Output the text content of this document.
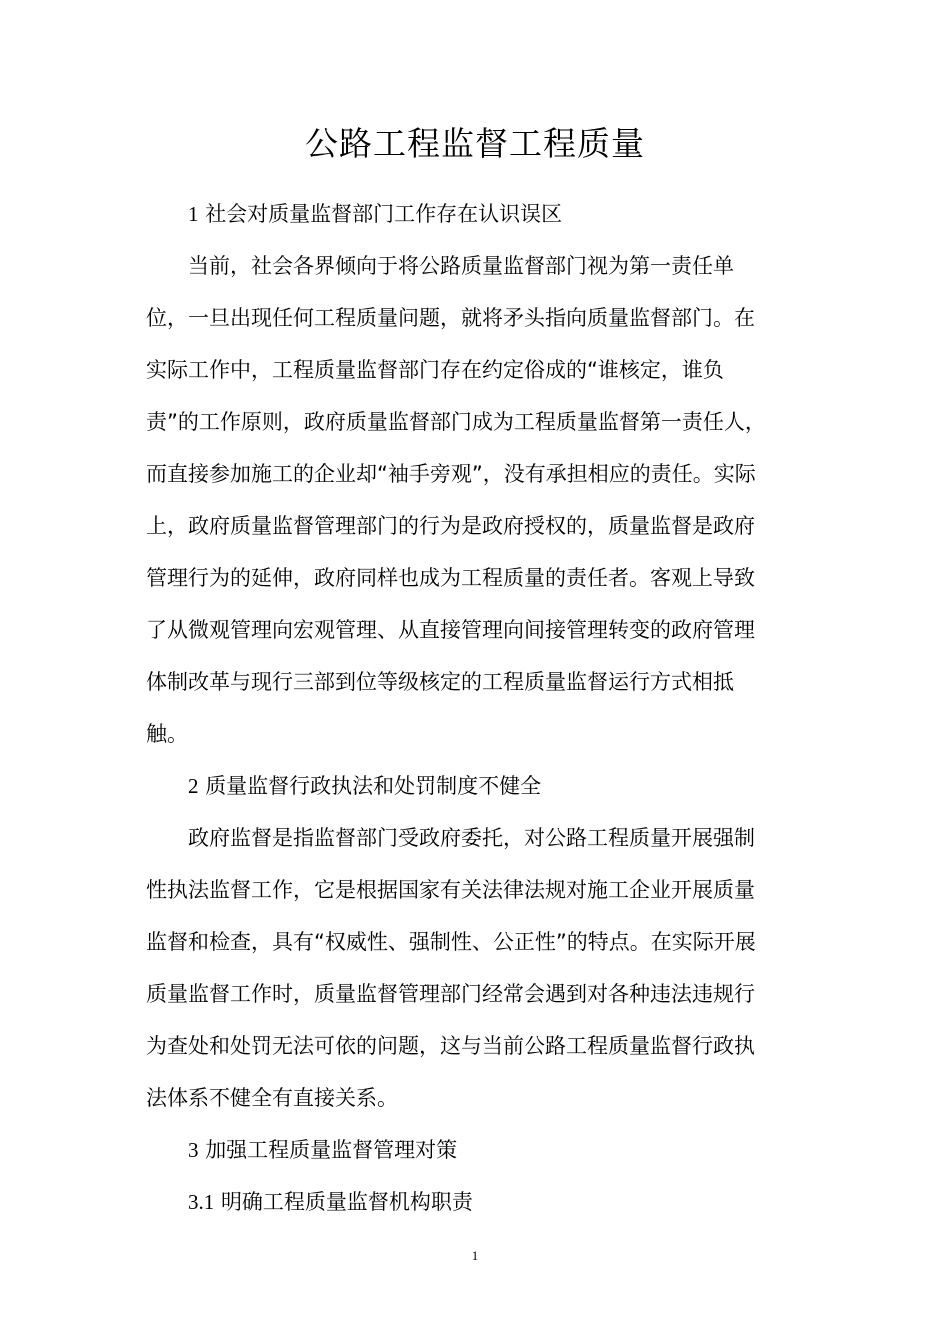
公路工程监督工程质量

1 社会对质量监督部门工作存在认识误区

当前，社会各界倾向于将公路质量监督部门视为第一责任单
位，一旦出现任何工程质量问题，就将矛头指向质量监督部门。在
实际工作中，工程质量监督部门存在约定俗成的“谁核定，谁负
责”的工作原则，政府质量监督部门成为工程质量监督第一责任人，
而直接参加施工的企业却“袖手旁观”，没有承担相应的责任。实际
上，政府质量监督管理部门的行为是政府授权的，质量监督是政府
管理行为的延伸，政府同样也成为工程质量的责任者。客观上导致
了从微观管理向宏观管理、从直接管理向间接管理转变的政府管理
体制改革与现行三部到位等级核定的工程质量监督运行方式相抵
触。

2 质量监督行政执法和处罚制度不健全

政府监督是指监督部门受政府委托，对公路工程质量开展强制
性执法监督工作，它是根据国家有关法律法规对施工企业开展质量
监督和检查，具有“权威性、强制性、公正性”的特点。在实际开展
质量监督工作时，质量监督管理部门经常会遇到对各种违法违规行
为查处和处罚无法可依的问题，这与当前公路工程质量监督行政执
法体系不健全有直接关系。

3 加强工程质量监督管理对策

3.1 明确工程质量监督机构职责

1
